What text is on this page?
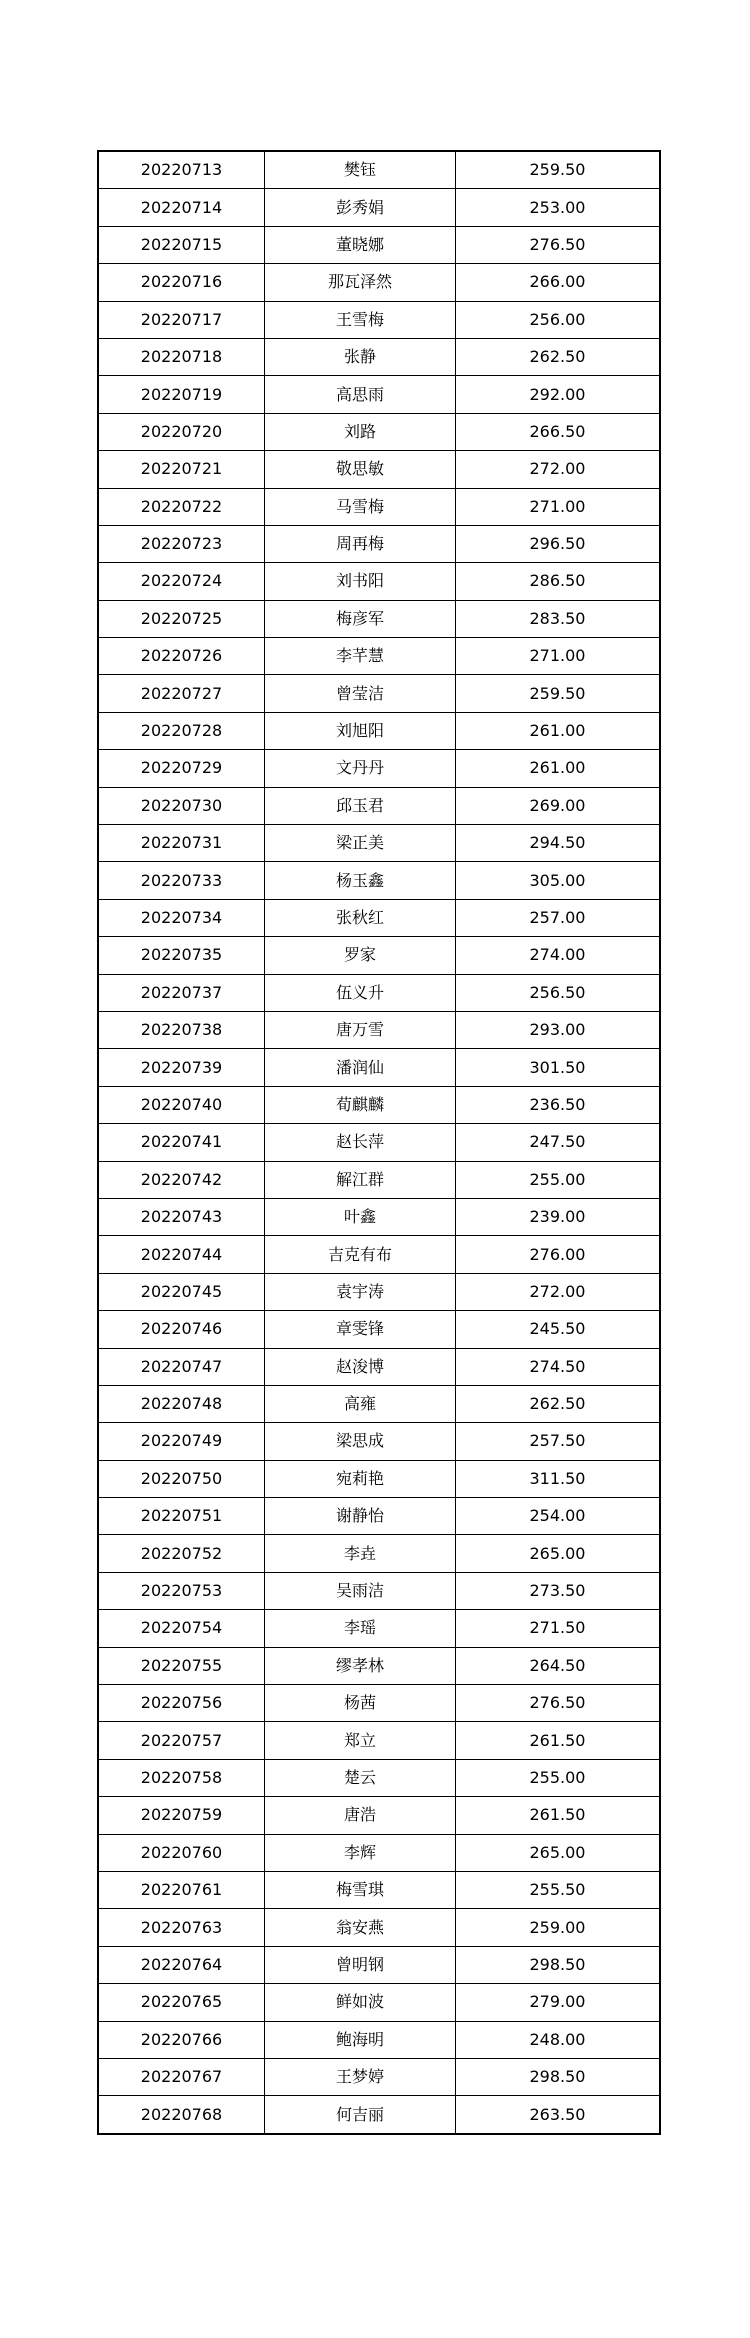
20220713	樊钰	259.50
20220714	彭秀娟	253.00
20220715	董晓娜	276.50
20220716	那瓦泽然	266.00
20220717	王雪梅	256.00
20220718	张静	262.50
20220719	高思雨	292.00
20220720	刘路	266.50
20220721	敬思敏	272.00
20220722	马雪梅	271.00
20220723	周再梅	296.50
20220724	刘书阳	286.50
20220725	梅彦军	283.50
20220726	李芊慧	271.00
20220727	曾莹洁	259.50
20220728	刘旭阳	261.00
20220729	文丹丹	261.00
20220730	邱玉君	269.00
20220731	梁正美	294.50
20220733	杨玉鑫	305.00
20220734	张秋红	257.00
20220735	罗家	274.00
20220737	伍义升	256.50
20220738	唐万雪	293.00
20220739	潘润仙	301.50
20220740	荀麒麟	236.50
20220741	赵长萍	247.50
20220742	解江群	255.00
20220743	叶鑫	239.00
20220744	吉克有布	276.00
20220745	袁宇涛	272.00
20220746	章雯锋	245.50
20220747	赵浚博	274.50
20220748	高雍	262.50
20220749	梁思成	257.50
20220750	宛莉艳	311.50
20220751	谢静怡	254.00
20220752	李垚	265.00
20220753	吴雨洁	273.50
20220754	李瑶	271.50
20220755	缪孝林	264.50
20220756	杨茜	276.50
20220757	郑立	261.50
20220758	楚云	255.00
20220759	唐浩	261.50
20220760	李辉	265.00
20220761	梅雪琪	255.50
20220763	翁安燕	259.00
20220764	曾明钢	298.50
20220765	鲜如波	279.00
20220766	鲍海明	248.00
20220767	王梦婷	298.50
20220768	何吉丽	263.50
